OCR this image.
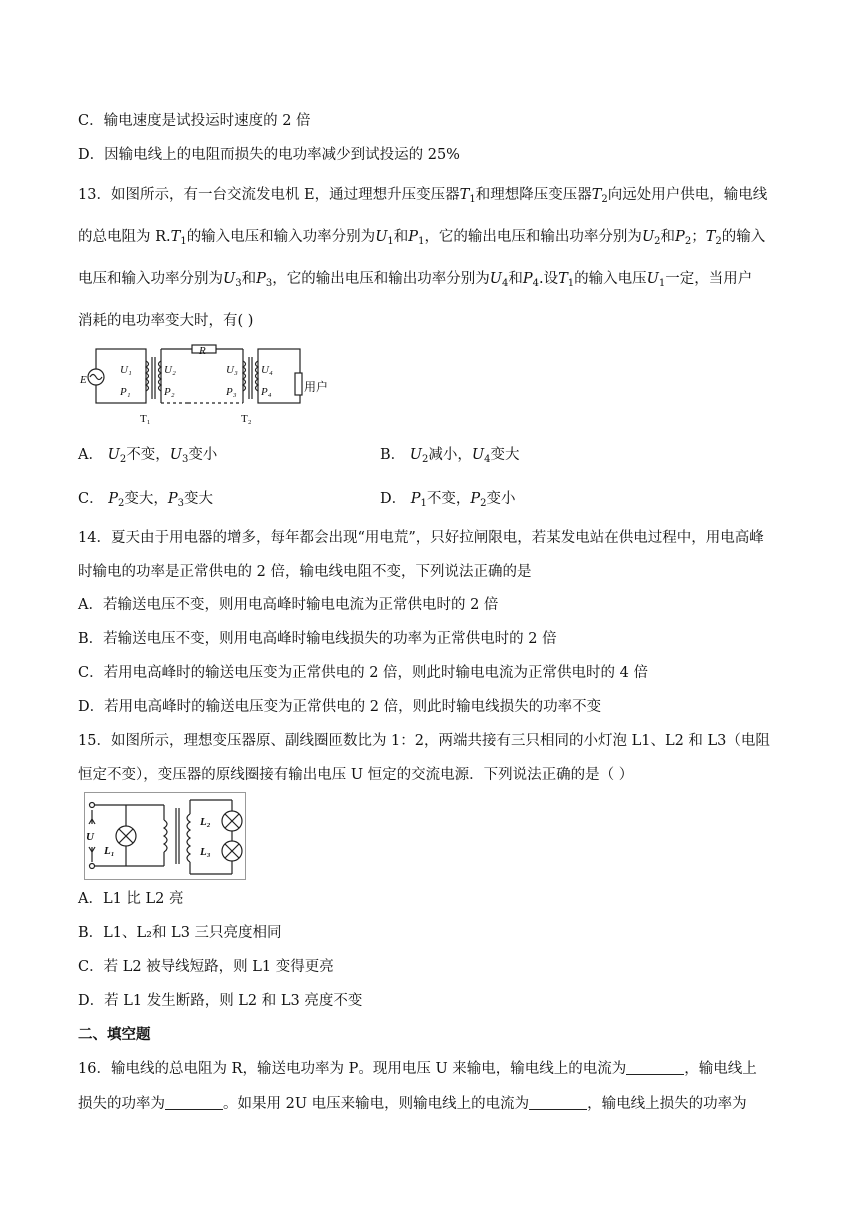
C．输电速度是试投运时速度的 2 倍
D．因输电线上的电阻而损失的电功率减少到试投运的 25%
13．如图所示，有一台交流发电机 E，通过理想升压变压器$T_1$和理想降压变压器$T_2$向远处用户供电，输电线
的总电阻为 $R.T_1$的输入电压和输入功率分别为$U_1$和$P_1$，它的输出电压和输出功率分别为$U_2$和$P_2$；$T_2$的输入
电压和输入功率分别为$U_3$和$P_3$，它的输出电压和输出功率分别为$U_4$和$P_4$.设$T_1$的输入电压$U_1$一定，当用户
消耗的电功率变大时，有( )
E
R
U₁
P₁
U₂
P₂
U₃
P₃
U₄
P₄
T₁	T₂
用户
A． $U_2$不变，$U_3$变小	B． $U_2$减小，$U_4$变大
C． $P_2$变大，$P_3$变大	D． $P_1$不变，$P_2$变小
14．夏天由于用电器的增多，每年都会出现“用电荒”，只好拉闸限电，若某发电站在供电过程中，用电高峰
时输电的功率是正常供电的 2 倍，输电线电阻不变，下列说法正确的是
A．若输送电压不变，则用电高峰时输电电流为正常供电时的 2 倍
B．若输送电压不变，则用电高峰时输电线损失的功率为正常供电时的 2 倍
C．若用电高峰时的输送电压变为正常供电的 2 倍，则此时输电电流为正常供电时的 4 倍
D．若用电高峰时的输送电压变为正常供电的 2 倍，则此时输电线损失的功率不变
15．如图所示，理想变压器原、副线圈匝数比为 1：2，两端共接有三只相同的小灯泡 L1、L2 和 L3（电阻
恒定不变），变压器的原线圈接有输出电压 U 恒定的交流电源．下列说法正确的是（ ）
U
L₁
L₂
L₃
A．L1 比 L2 亮
B．L1、L₂和 L3 三只亮度相同
C．若 L2 被导线短路，则 L1 变得更亮
D．若 L1 发生断路，则 L2 和 L3 亮度不变
二、填空题
16．输电线的总电阻为 R，输送电功率为 P。现用电压 U 来输电，输电线上的电流为	，输电线上
损失的功率为	。如果用 2U 电压来输电，则输电线上的电流为	，输电线上损失的功率为
